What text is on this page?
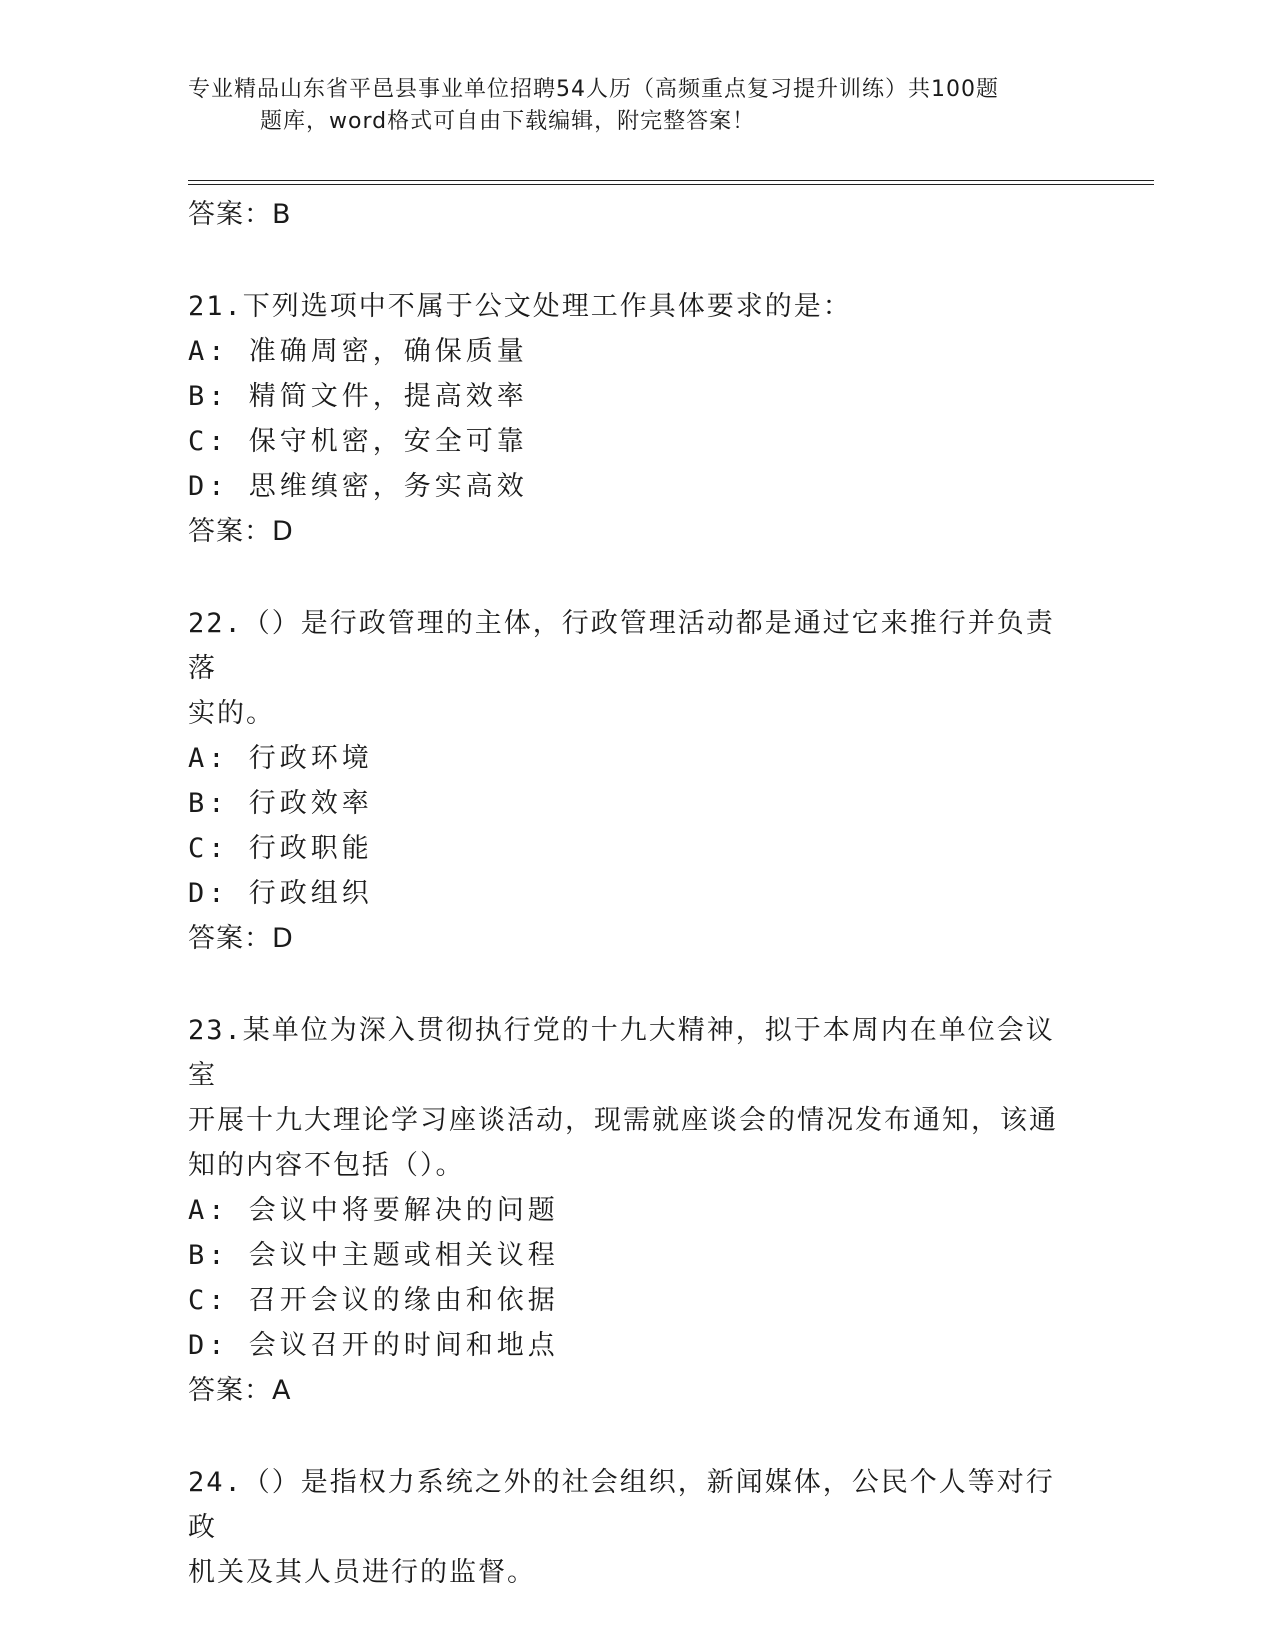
专业精品山东省平邑县事业单位招聘54人历（高频重点复习提升训练）共100题
题库，word格式可自由下载编辑，附完整答案！
答案：B
21.下列选项中不属于公文处理工作具体要求的是：
A: 准确周密，确保质量
B: 精简文件，提高效率
C: 保守机密，安全可靠
D: 思维缜密，务实高效
答案：D
22.（）是行政管理的主体，行政管理活动都是通过它来推行并负责落
实的。
A: 行政环境
B: 行政效率
C: 行政职能
D: 行政组织
答案：D
23.某单位为深入贯彻执行党的十九大精神，拟于本周内在单位会议室
开展十九大理论学习座谈活动，现需就座谈会的情况发布通知，该通
知的内容不包括（）。
A: 会议中将要解决的问题
B: 会议中主题或相关议程
C: 召开会议的缘由和依据
D: 会议召开的时间和地点
答案：A
24.（）是指权力系统之外的社会组织，新闻媒体，公民个人等对行政
机关及其人员进行的监督。
